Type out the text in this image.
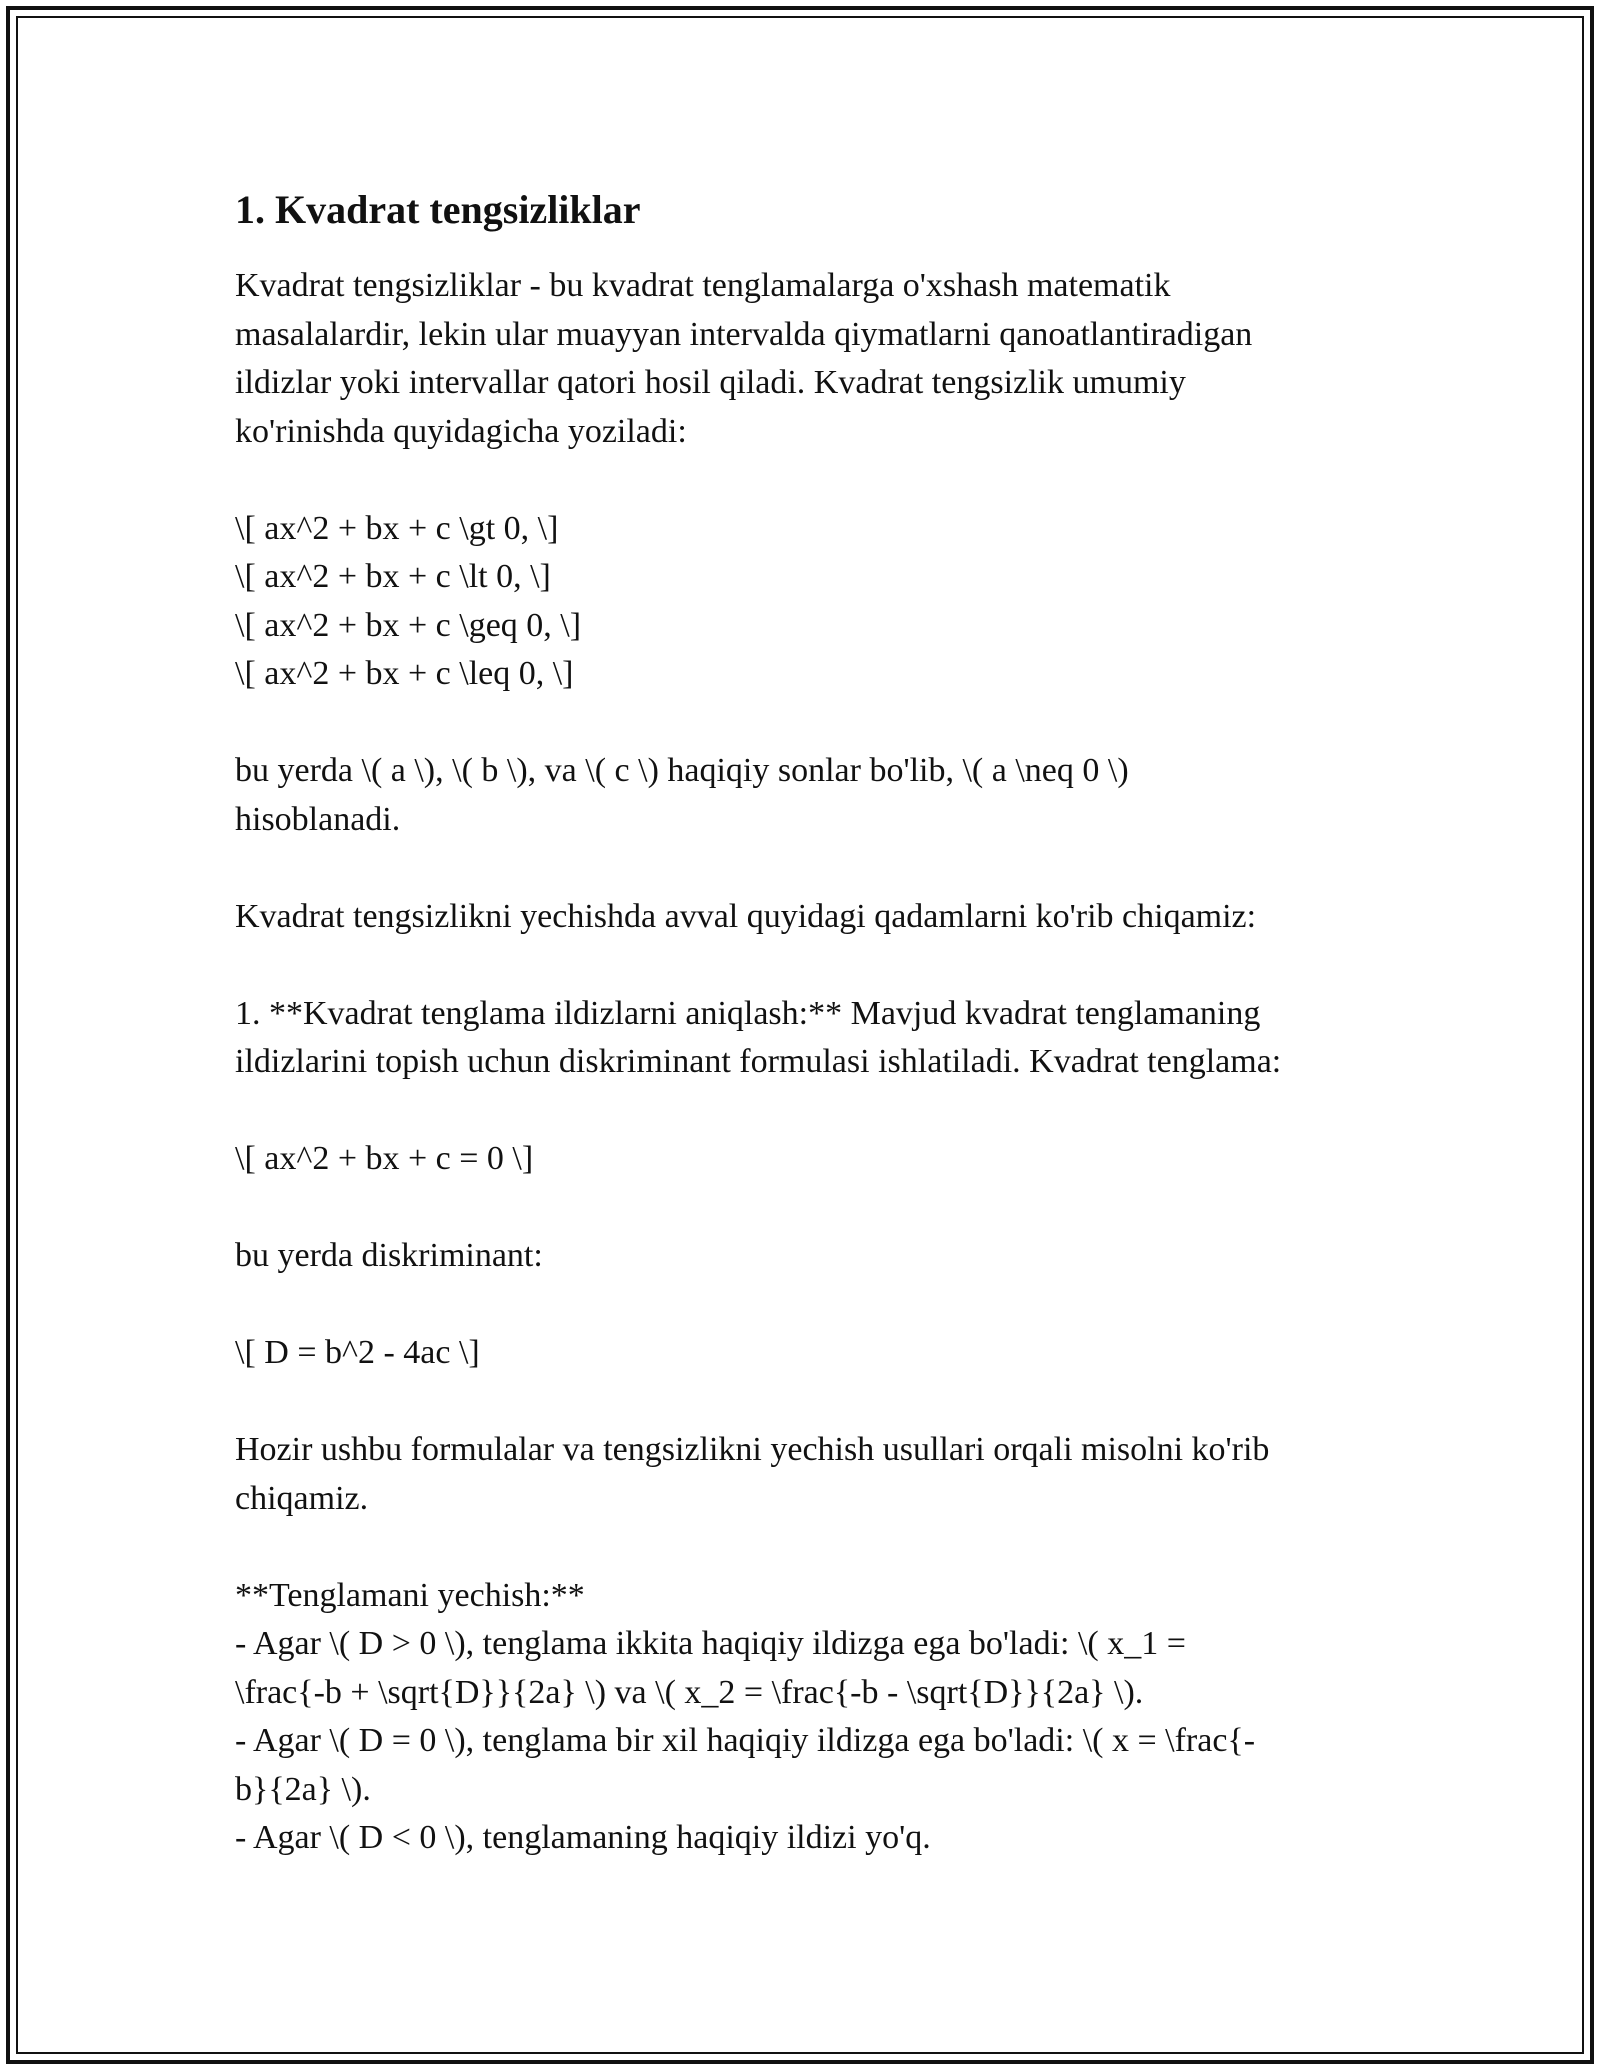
1. Kvadrat tengsizliklar

Kvadrat tengsizliklar - bu kvadrat tenglamalarga o'xshash matematik
masalalardir, lekin ular muayyan intervalda qiymatlarni qanoatlantiradigan
ildizlar yoki intervallar qatori hosil qiladi. Kvadrat tengsizlik umumiy
ko'rinishda quyidagicha yoziladi:

\[ ax^2 + bx + c \gt 0, \]
\[ ax^2 + bx + c \lt 0, \]
\[ ax^2 + bx + c \geq 0, \]
\[ ax^2 + bx + c \leq 0, \]

bu yerda \( a \), \( b \), va \( c \) haqiqiy sonlar bo'lib, \( a \neq 0 \)
hisoblanadi.

Kvadrat tengsizlikni yechishda avval quyidagi qadamlarni ko'rib chiqamiz:

1. **Kvadrat tenglama ildizlarni aniqlash:** Mavjud kvadrat tenglamaning
ildizlarini topish uchun diskriminant formulasi ishlatiladi. Kvadrat tenglama:

\[ ax^2 + bx + c = 0 \]

bu yerda diskriminant:

\[ D = b^2 - 4ac \]

Hozir ushbu formulalar va tengsizlikni yechish usullari orqali misolni ko'rib
chiqamiz.

**Tenglamani yechish:**
- Agar \( D > 0 \), tenglama ikkita haqiqiy ildizga ega bo'ladi: \( x_1 =
\frac{-b + \sqrt{D}}{2a} \) va \( x_2 = \frac{-b - \sqrt{D}}{2a} \).
- Agar \( D = 0 \), tenglama bir xil haqiqiy ildizga ega bo'ladi: \( x = \frac{-
b}{2a} \).
- Agar \( D < 0 \), tenglamaning haqiqiy ildizi yo'q.
